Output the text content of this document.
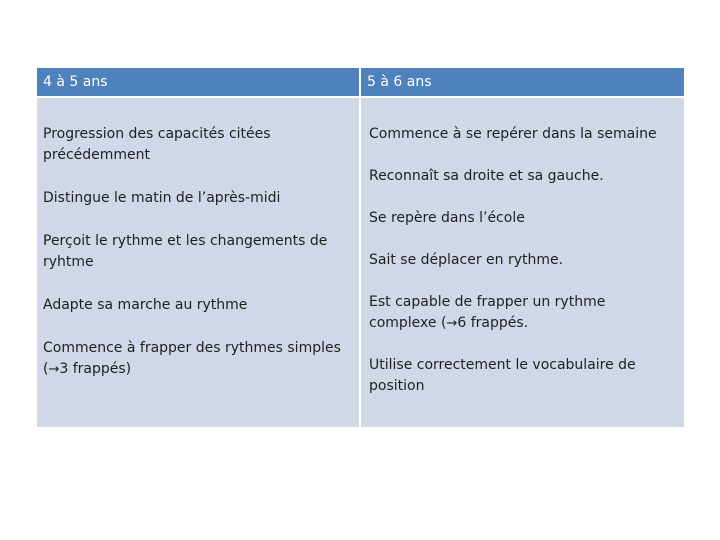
4 à 5 ans	5 à 6 ans

Progression des capacités citées précédemment

Distingue le matin de l’après-midi

Perçoit le rythme et les changements de ryhtme

Adapte sa marche au rythme

Commence à frapper des rythmes simples (→3 frappés)

Commence à se repérer dans la semaine

Reconnaît sa droite et sa gauche.

Se repère dans l’école

Sait se déplacer en rythme.

Est capable de frapper un rythme complexe (→6 frappés.

Utilise correctement le vocabulaire de position
